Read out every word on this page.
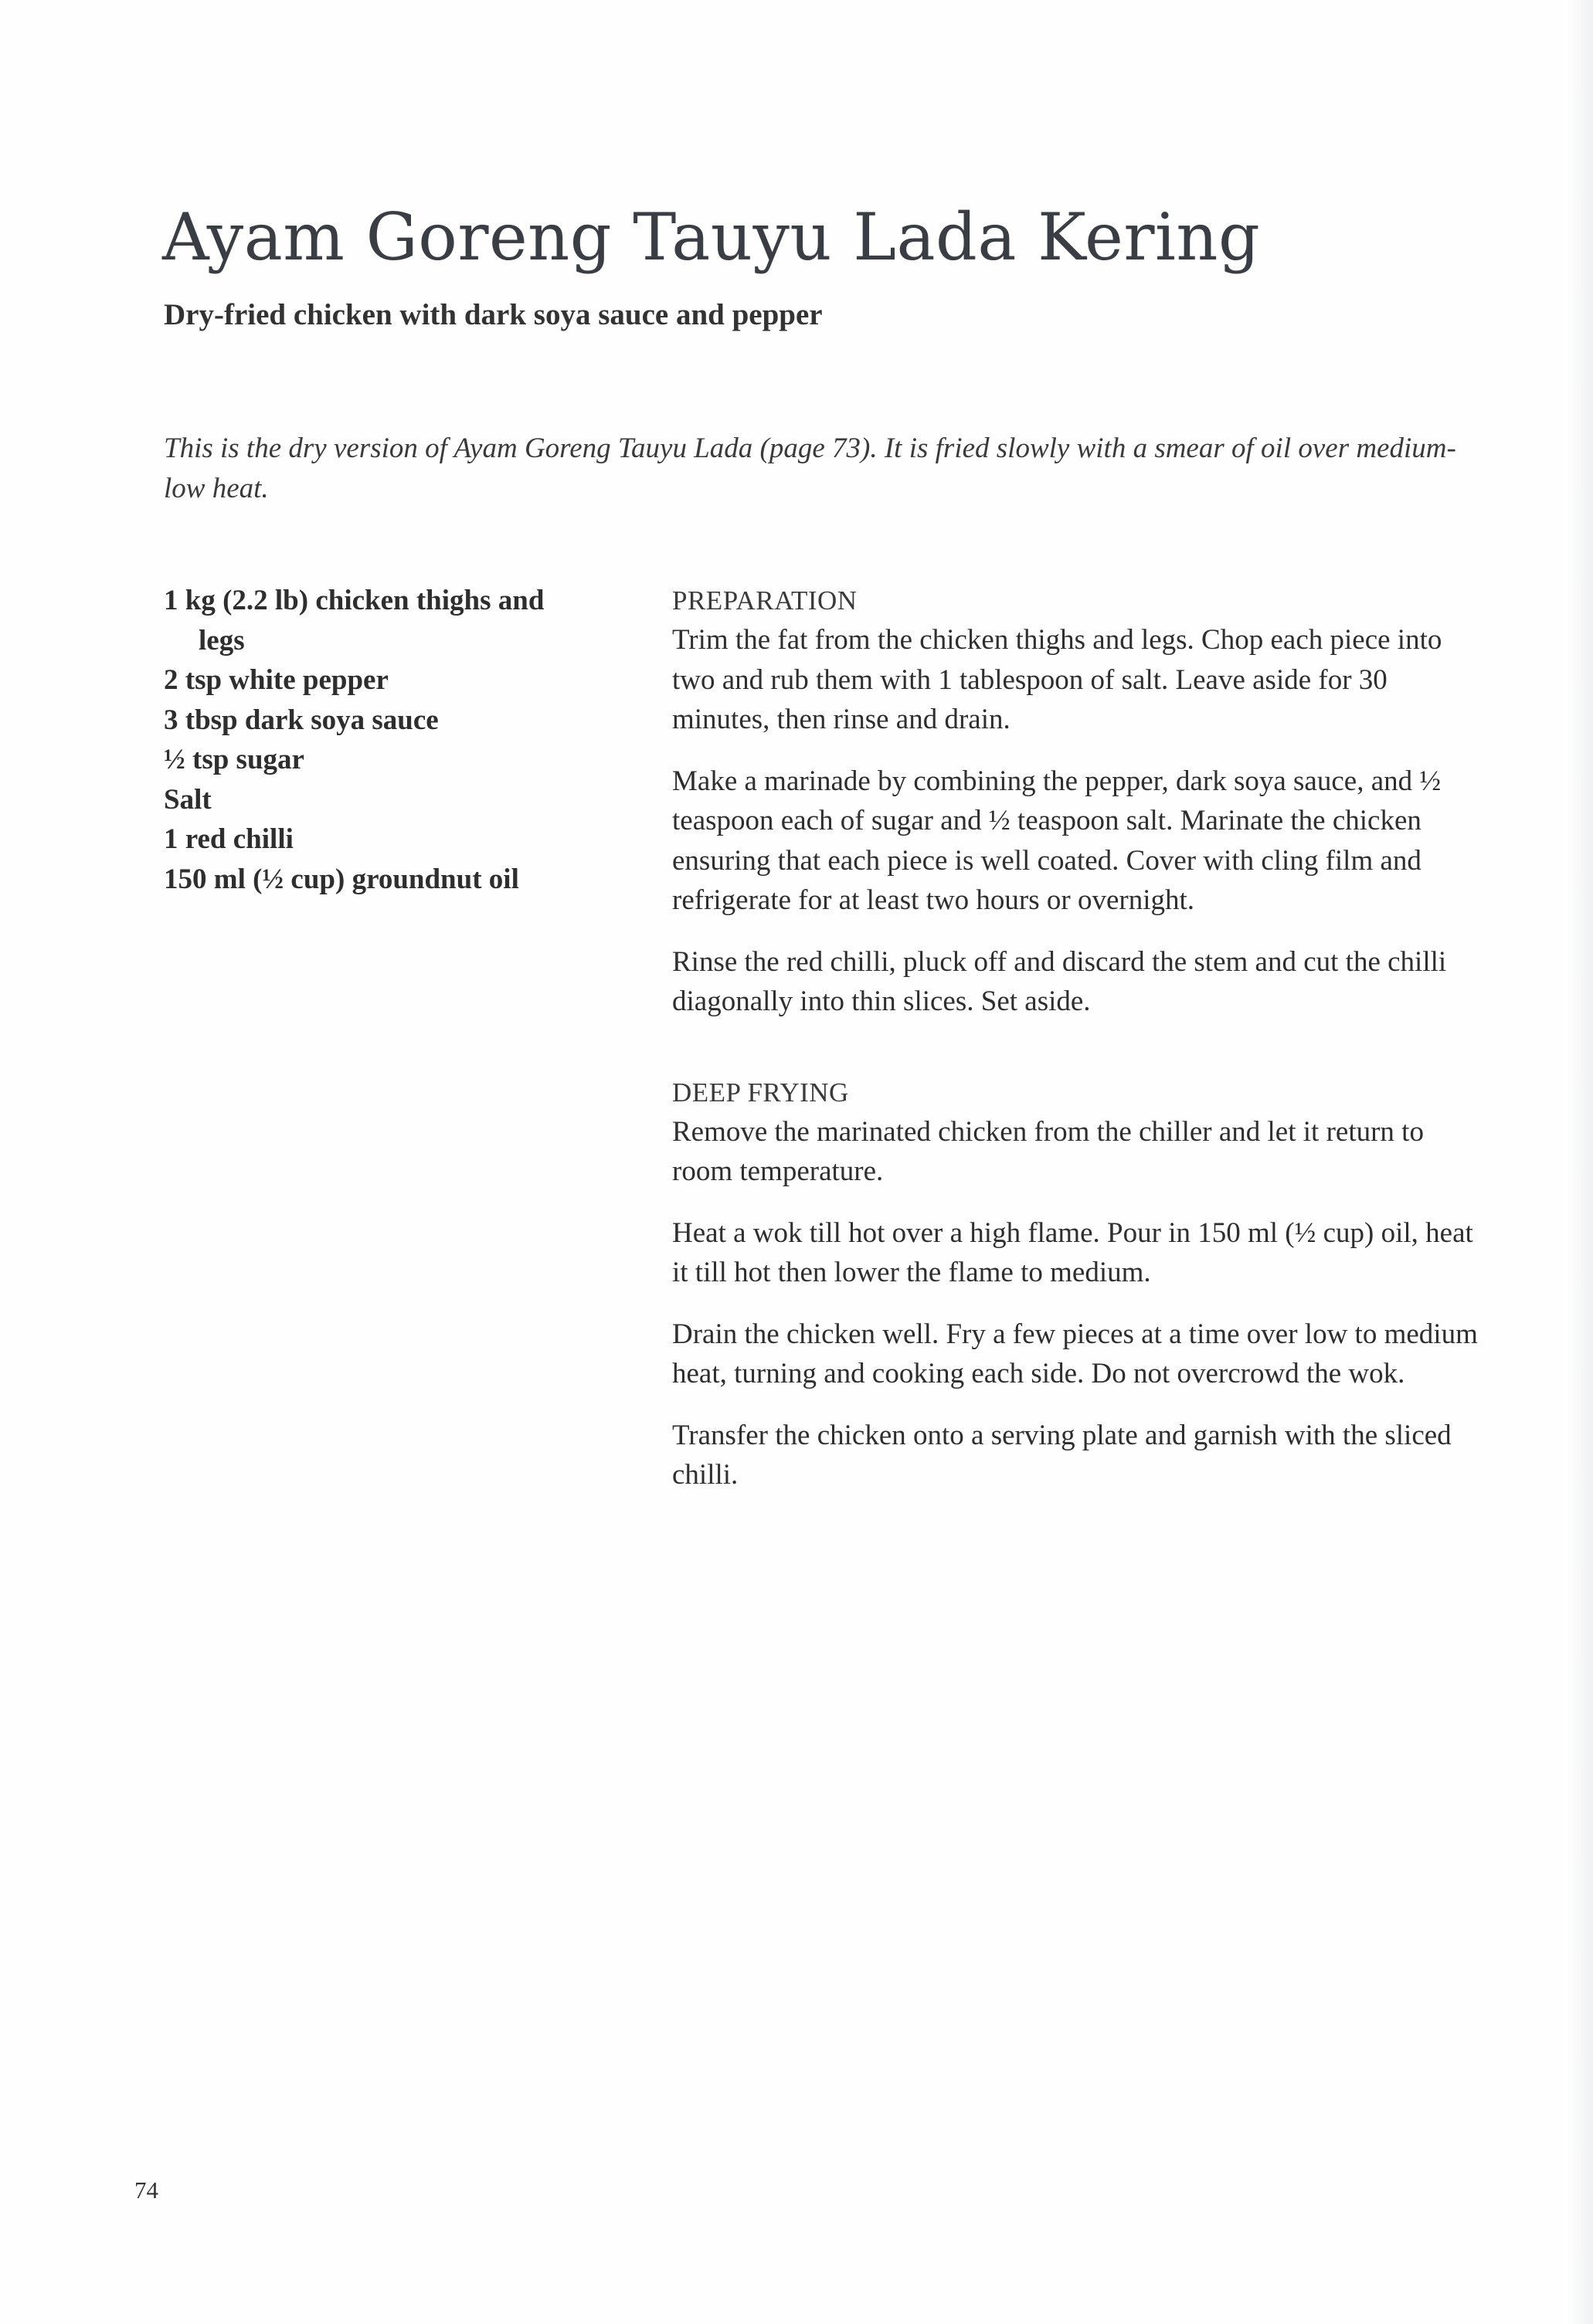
Ayam Goreng Tauyu Lada Kering
Dry-fried chicken with dark soya sauce and pepper

This is the dry version of Ayam Goreng Tauyu Lada (page 73). It is fried slowly with a smear of oil over medium-low heat.

1 kg (2.2 lb) chicken thighs and legs
2 tsp white pepper
3 tbsp dark soya sauce
½ tsp sugar
Salt
1 red chilli
150 ml (½ cup) groundnut oil
PREPARATION

Trim the fat from the chicken thighs and legs. Chop each piece into two and rub them with 1 tablespoon of salt. Leave aside for 30 minutes, then rinse and drain.

Make a marinade by combining the pepper, dark soya sauce, and ½ teaspoon each of sugar and ½ teaspoon salt. Marinate the chicken ensuring that each piece is well coated. Cover with cling film and refrigerate for at least two hours or overnight.

Rinse the red chilli, pluck off and discard the stem and cut the chilli diagonally into thin slices. Set aside.

DEEP FRYING

Remove the marinated chicken from the chiller and let it return to room temperature.

Heat a wok till hot over a high flame. Pour in 150 ml (½ cup) oil, heat it till hot then lower the flame to medium.

Drain the chicken well. Fry a few pieces at a time over low to medium heat, turning and cooking each side. Do not overcrowd the wok.

Transfer the chicken onto a serving plate and garnish with the sliced chilli.

74
